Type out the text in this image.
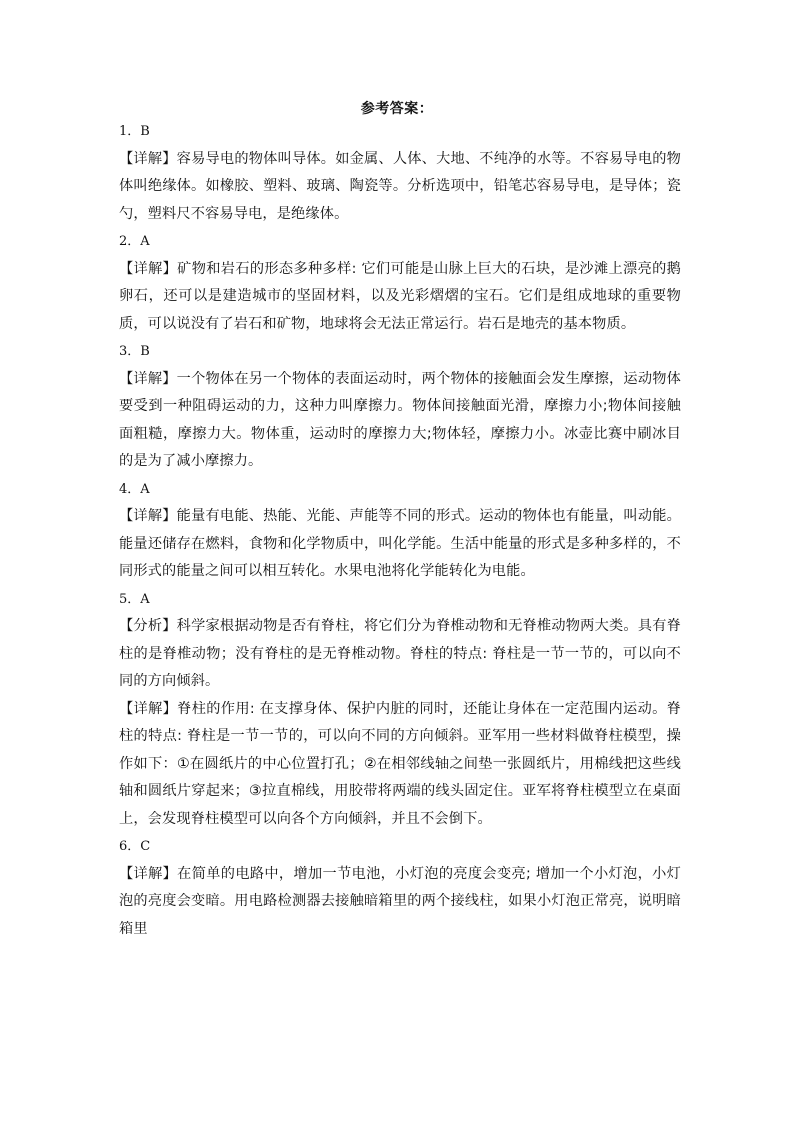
参考答案：

1．B

【详解】容易导电的物体叫导体。如金属、人体、大地、不纯净的水等。不容易导电的物体叫绝缘体。如橡胶、塑料、玻璃、陶瓷等。分析选项中，铅笔芯容易导电，是导体；瓷勺，塑料尺不容易导电，是绝缘体。

2．A

【详解】矿物和岩石的形态多种多样: 它们可能是山脉上巨大的石块，是沙滩上漂亮的鹅卵石，还可以是建造城市的坚固材料，以及光彩熠熠的宝石。它们是组成地球的重要物质，可以说没有了岩石和矿物，地球将会无法正常运行。岩石是地壳的基本物质。

3．B

【详解】一个物体在另一个物体的表面运动时，两个物体的接触面会发生摩擦，运动物体要受到一种阻碍运动的力，这种力叫摩擦力。物体间接触面光滑，摩擦力小;物体间接触面粗糙，摩擦力大。物体重，运动时的摩擦力大;物体轻，摩擦力小。冰壶比赛中刷冰目的是为了减小摩擦力。

4．A

【详解】能量有电能、热能、光能、声能等不同的形式。运动的物体也有能量，叫动能。能量还储存在燃料，食物和化学物质中，叫化学能。生活中能量的形式是多种多样的，不同形式的能量之间可以相互转化。水果电池将化学能转化为电能。

5．A

【分析】科学家根据动物是否有脊柱，将它们分为脊椎动物和无脊椎动物两大类。具有脊柱的是脊椎动物；没有脊柱的是无脊椎动物。脊柱的特点: 脊柱是一节一节的，可以向不同的方向倾斜。

【详解】脊柱的作用: 在支撑身体、保护内脏的同时，还能让身体在一定范围内运动。脊柱的特点: 脊柱是一节一节的，可以向不同的方向倾斜。亚军用一些材料做脊柱模型，操作如下：①在圆纸片的中心位置打孔；②在相邻线轴之间垫一张圆纸片，用棉线把这些线轴和圆纸片穿起来；③拉直棉线，用胶带将两端的线头固定住。亚军将脊柱模型立在桌面上，会发现脊柱模型可以向各个方向倾斜，并且不会倒下。

6．C

【详解】在简单的电路中，增加一节电池，小灯泡的亮度会变亮; 增加一个小灯泡，小灯泡的亮度会变暗。用电路检测器去接触暗箱里的两个接线柱，如果小灯泡正常亮，说明暗箱里
